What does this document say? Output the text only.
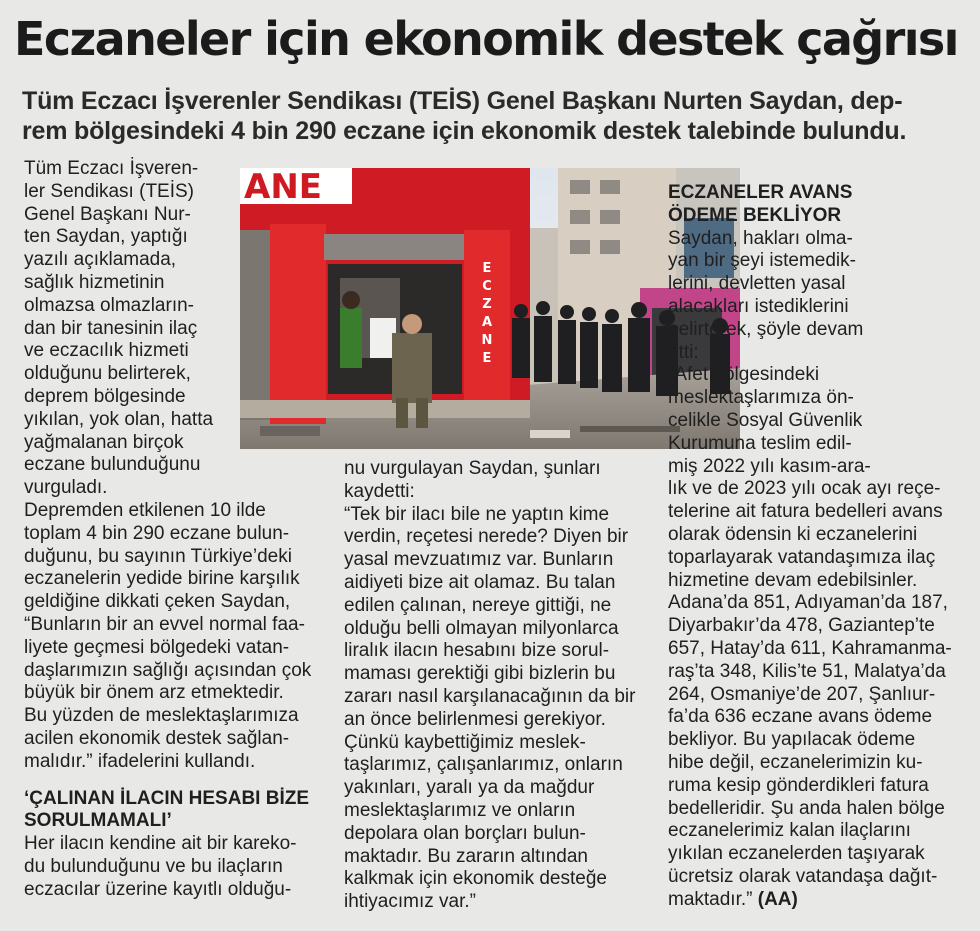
Eczaneler için ekonomik destek çağrısı
Tüm Eczacı İşverenler Sendikası (TEİS) Genel Başkanı Nurten Saydan, dep-
rem bölgesindeki 4 bin 290 eczane için ekonomik destek talebinde bulundu.
ANE
E
C
Z
A
N
E
Tüm Eczacı İşveren-
ler Sendikası (TEİS)
Genel Başkanı Nur-
ten Saydan, yaptığı
yazılı açıklamada,
sağlık hizmetinin
olmazsa olmazların-
dan bir tanesinin ilaç
ve eczacılık hizmeti
olduğunu belirterek,
deprem bölgesinde
yıkılan, yok olan, hatta
yağmalanan birçok
eczane bulunduğunu
vurguladı.
Depremden etkilenen 10 ilde
toplam 4 bin 290 eczane bulun-
duğunu, bu sayının Türkiye’deki
eczanelerin yedide birine karşılık
geldiğine dikkati çeken Saydan,
“Bunların bir an evvel normal faa-
liyete geçmesi bölgedeki vatan-
daşlarımızın sağlığı açısından çok
büyük bir önem arz etmektedir.
Bu yüzden de meslektaşlarımıza
acilen ekonomik destek sağlan-
malıdır.” ifadelerini kullandı.
‘ÇALINAN İLACIN HESABI BİZE
SORULMAMALI’
Her ilacın kendine ait bir kareko-
du bulunduğunu ve bu ilaçların
eczacılar üzerine kayıtlı olduğu-
nu vurgulayan Saydan, şunları
kaydetti:
“Tek bir ilacı bile ne yaptın kime
verdin, reçetesi nerede? Diyen bir
yasal mevzuatımız var. Bunların
aidiyeti bize ait olamaz. Bu talan
edilen çalınan, nereye gittiği, ne
olduğu belli olmayan milyonlarca
liralık ilacın hesabını bize sorul-
maması gerektiği gibi bizlerin bu
zararı nasıl karşılanacağının da bir
an önce belirlenmesi gerekiyor.
Çünkü kaybettiğimiz meslek-
taşlarımız, çalışanlarımız, onların
yakınları, yaralı ya da mağdur
meslektaşlarımız ve onların
depolara olan borçları bulun-
maktadır. Bu zararın altından
kalkmak için ekonomik desteğe
ihtiyacımız var.”
ECZANELER AVANS
ÖDEME BEKLİYOR
Saydan, hakları olma-
yan bir şeyi istemedik-
lerini, devletten yasal
alacakları istediklerini
belirterek, şöyle devam
etti:
“Afet bölgesindeki
meslektaşlarımıza ön-
celikle Sosyal Güvenlik
Kurumuna teslim edil-
miş 2022 yılı kasım-ara-
lık ve de 2023 yılı ocak ayı reçe-
telerine ait fatura bedelleri avans
olarak ödensin ki eczanelerini
toparlayarak vatandaşımıza ilaç
hizmetine devam edebilsinler.
Adana’da 851, Adıyaman’da 187,
Diyarbakır’da 478, Gaziantep’te
657, Hatay’da 611, Kahramanma-
raş’ta 348, Kilis’te 51, Malatya’da
264, Osmaniye’de 207, Şanlıur-
fa’da 636 eczane avans ödeme
bekliyor. Bu yapılacak ödeme
hibe değil, eczanelerimizin ku-
ruma kesip gönderdikleri fatura
bedelleridir. Şu anda halen bölge
eczanelerimiz kalan ilaçlarını
yıkılan eczanelerden taşıyarak
ücretsiz olarak vatandaşa dağıt-
maktadır.” (AA)
